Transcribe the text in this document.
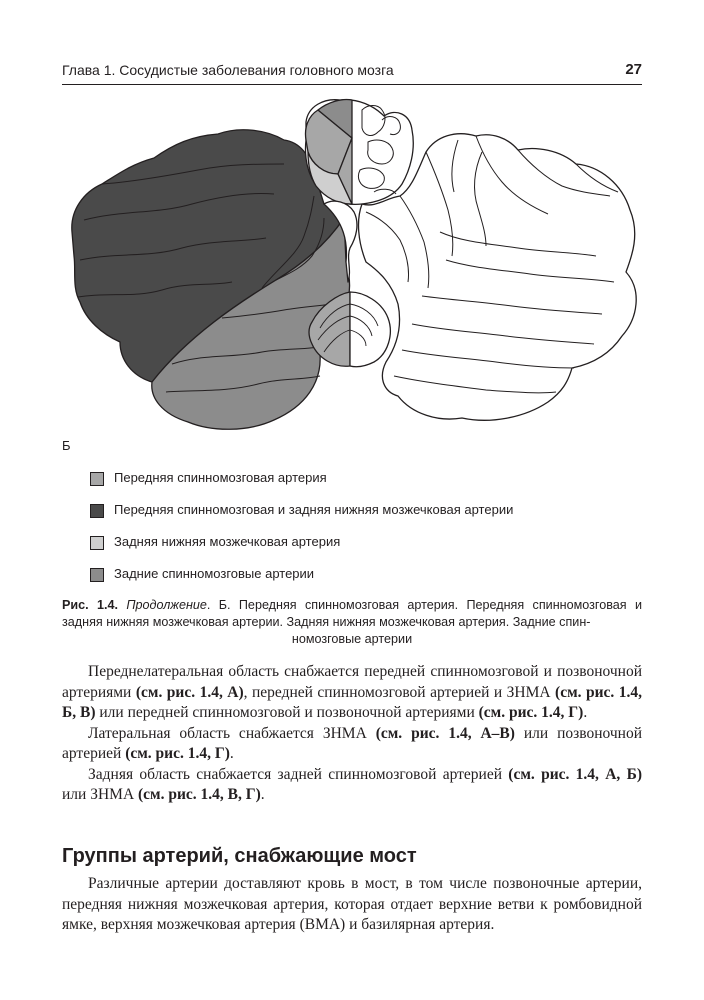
Глава 1. Сосудистые заболевания головного мозга	27
Б
Передняя спинномозговая артерия
Передняя спинномозговая и задняя нижняя мозжечковая артерии
Задняя нижняя мозжечковая артерия
Задние спинномозговые артерии
Рис. 1.4. Продолжение. Б. Передняя спинномозговая артерия. Передняя спинномозговая и задняя нижняя мозжечковая артерии. Задняя нижняя мозжечковая артерия. Задние спин-
номозговые артерии

Переднелатеральная область снабжается передней спинномозговой и позвоночной артериями (см. рис. 1.4, А), передней спинномозговой артерией и ЗНМА (см. рис. 1.4, Б, В) или передней спинномозговой и позвоночной артериями (см. рис. 1.4, Г).

Латеральная область снабжается ЗНМА (см. рис. 1.4, А–В) или позвоночной артерией (см. рис. 1.4, Г).

Задняя область снабжается задней спинномозговой артерией (см. рис. 1.4, А, Б) или ЗНМА (см. рис. 1.4, В, Г).

Группы артерий, снабжающие мост

Различные артерии доставляют кровь в мост, в том числе позвоночные артерии, передняя нижняя мозжечковая артерия, которая отдает верхние ветви к ромбовидной ямке, верхняя мозжечковая артерия (ВМА) и базилярная артерия.
